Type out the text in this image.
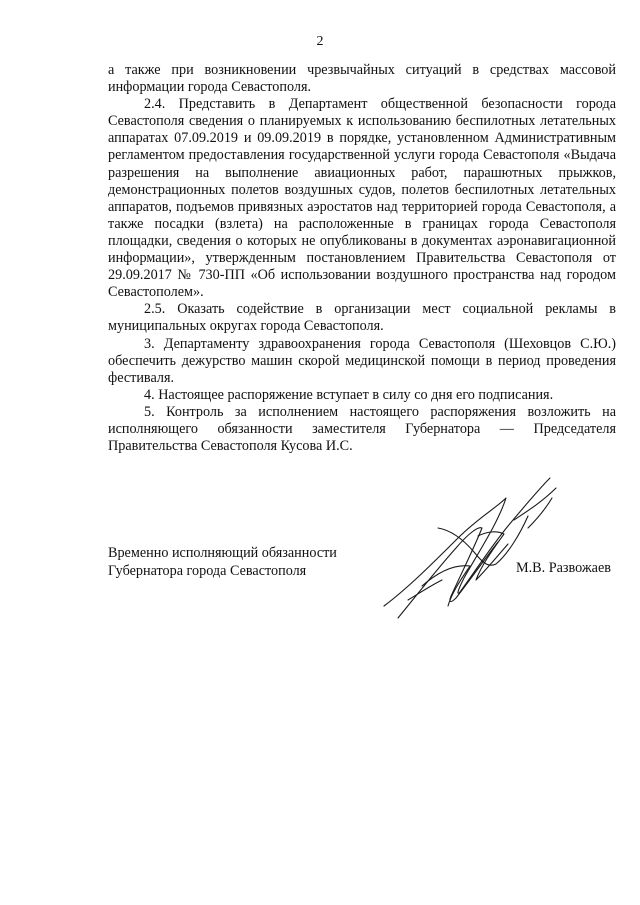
2

а также при возникновении чрезвычайных ситуаций в средствах массовой информации города Севастополя.

2.4. Представить в Департамент общественной безопасности города Севастополя сведения о планируемых к использованию беспилотных летательных аппаратах 07.09.2019 и 09.09.2019 в порядке, установленном Административным регламентом предоставления государственной услуги города Севастополя «Выдача разрешения на выполнение авиационных работ, парашютных прыжков, демонстрационных полетов воздушных судов, полетов беспилотных летательных аппаратов, подъемов привязных аэростатов над территорией города Севастополя, а также посадки (взлета) на расположенные в границах города Севастополя площадки, сведения о которых не опубликованы в документах аэронавигационной информации», утвержденным постановлением Правительства Севастополя от 29.09.2017 № 730-ПП «Об использовании воздушного пространства над городом Севастополем».

2.5. Оказать содействие в организации мест социальной рекламы в муниципальных округах города Севастополя.

3. Департаменту здравоохранения города Севастополя (Шеховцов С.Ю.) обеспечить дежурство машин скорой медицинской помощи в период проведения фестиваля.

4. Настоящее распоряжение вступает в силу со дня его подписания.

5. Контроль за исполнением настоящего распоряжения возложить на исполняющего обязанности заместителя Губернатора — Председателя Правительства Севастополя Кусова И.С.

Временно исполняющий обязанности
Губернатора города Севастополя	М.В. Развожаев
